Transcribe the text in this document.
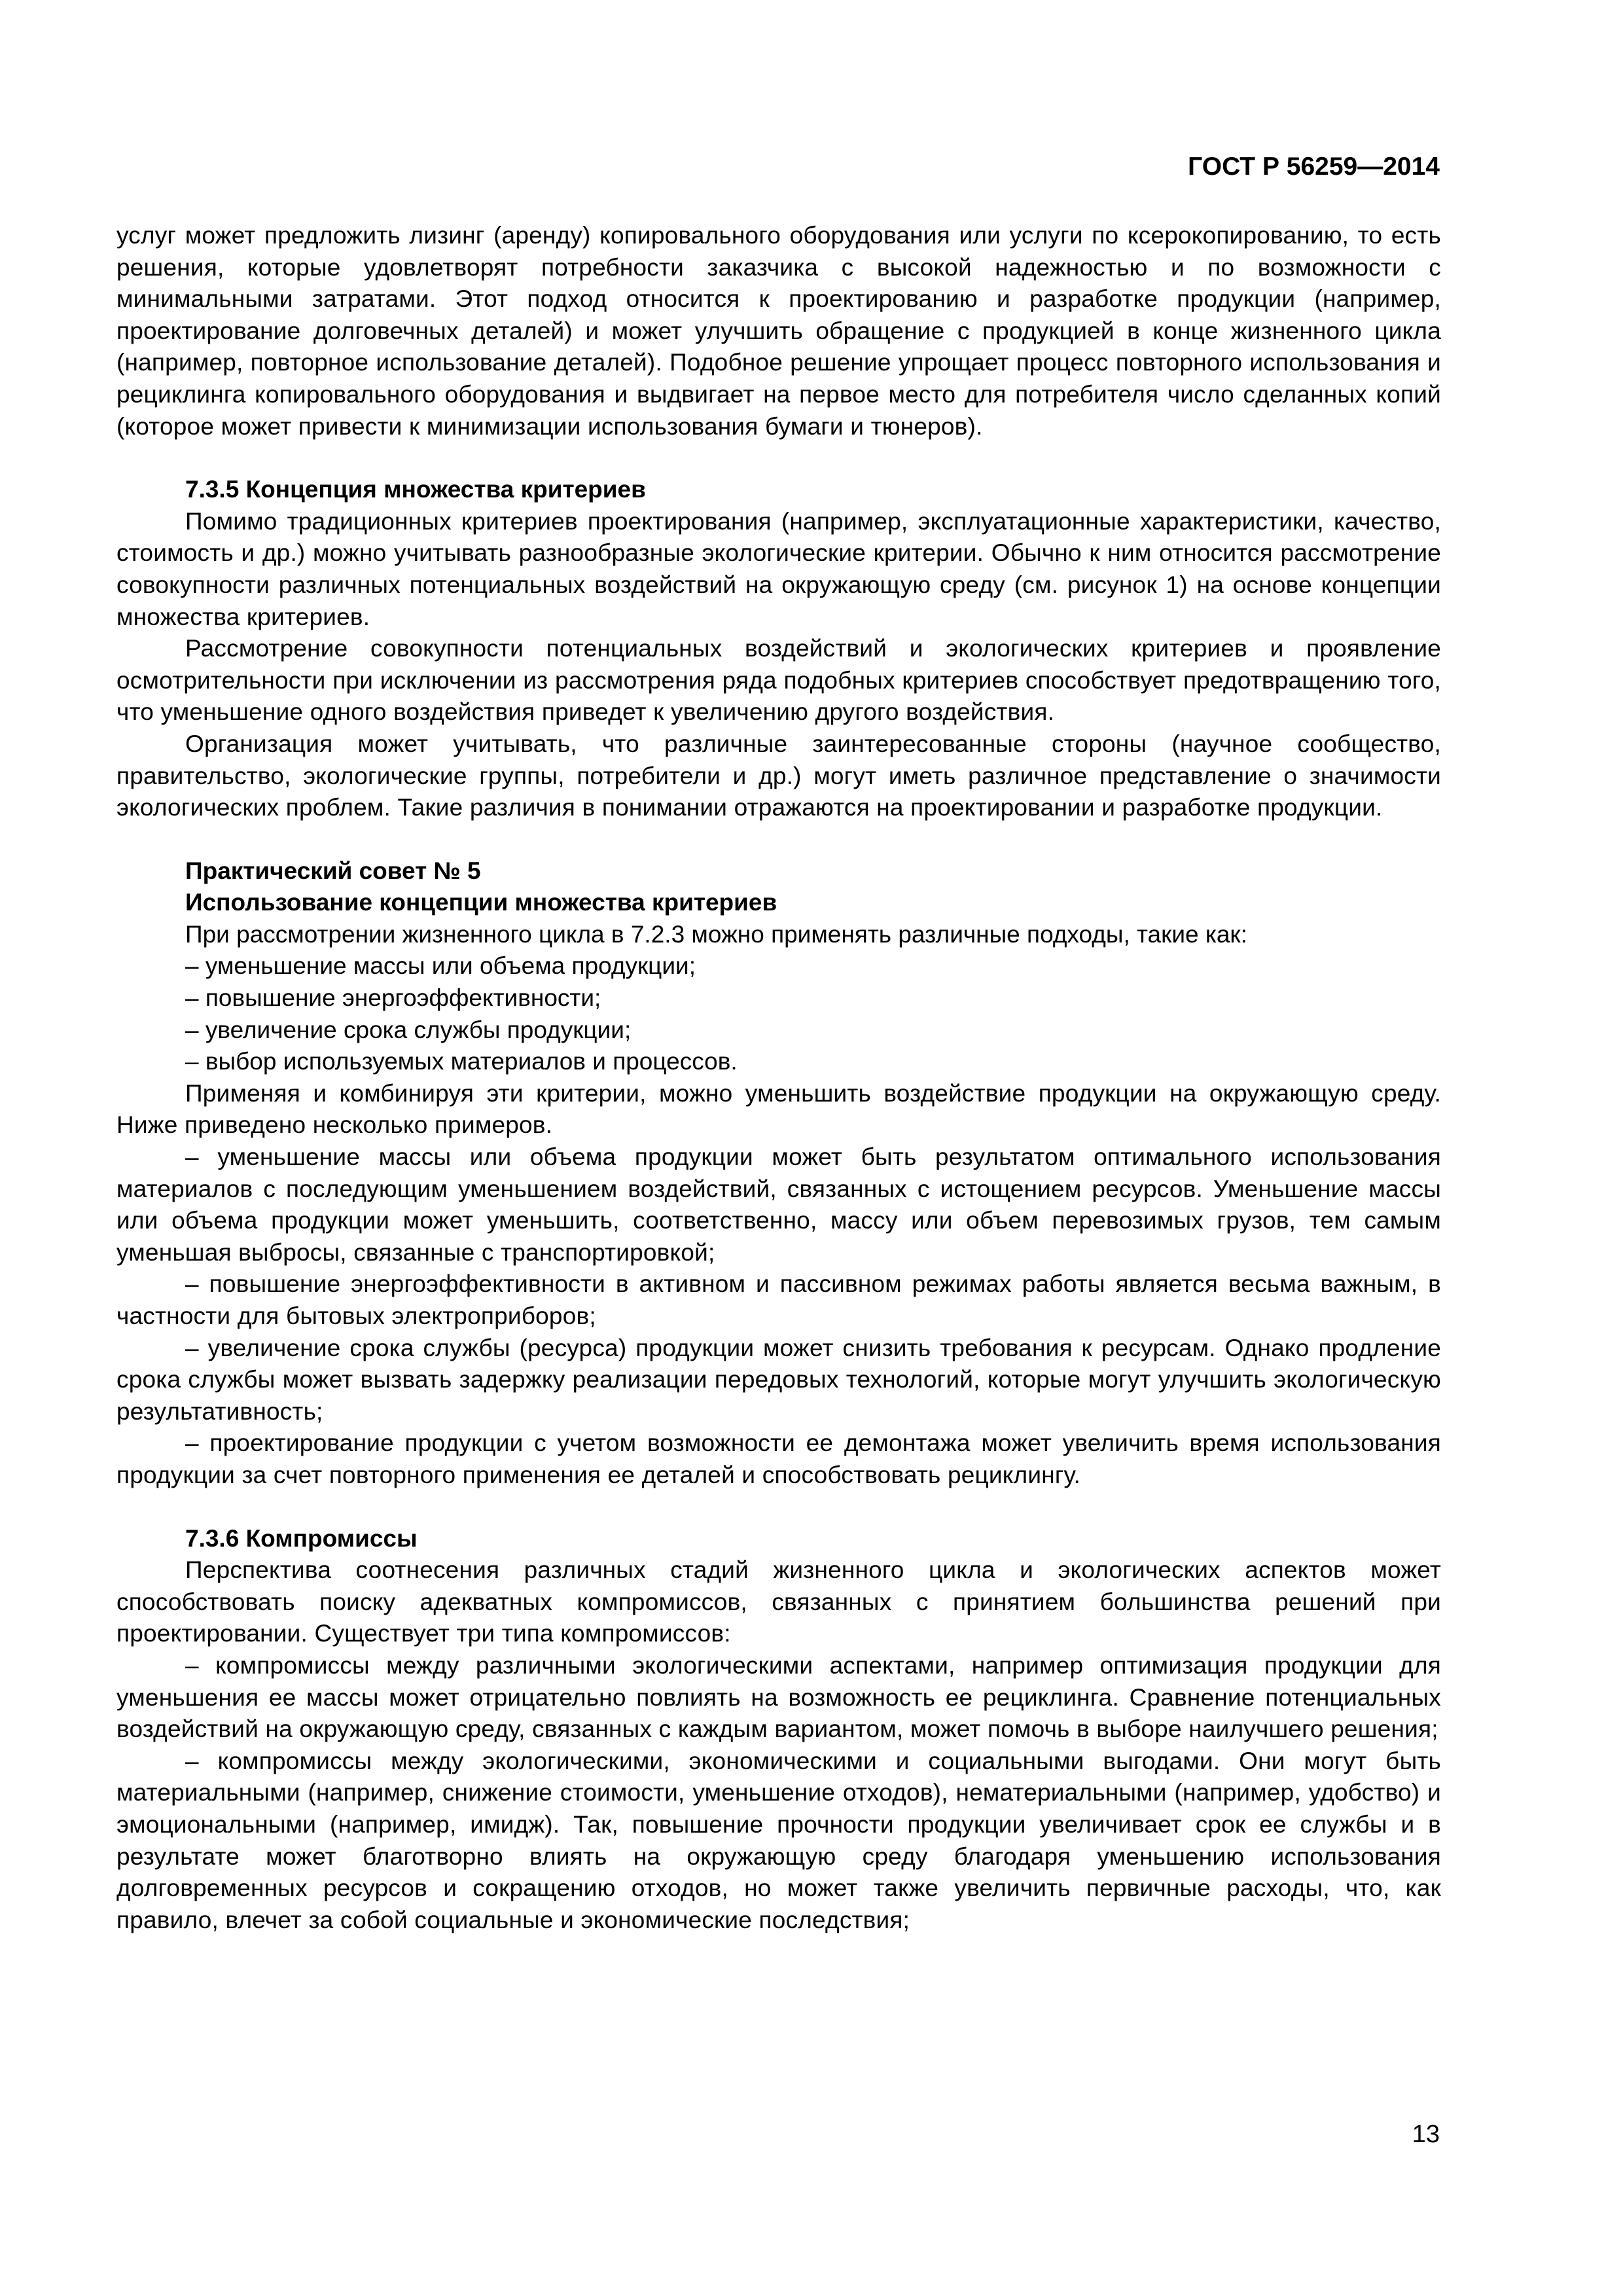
ГОСТ Р 56259—2014

услуг может предложить лизинг (аренду) копировального оборудования или услуги по ксерокопированию, то есть решения, которые удовлетворят потребности заказчика с высокой надежностью и по возможности с минимальными затратами. Этот подход относится к проектированию и разработке продукции (например, проектирование долговечных деталей) и может улучшить обращение с продукцией в конце жизненного цикла (например, повторное использование деталей). Подобное решение упрощает процесс повторного использования и рециклинга копировального оборудования и выдвигает на первое место для потребителя число сделанных копий (которое может привести к минимизации использования бумаги и тюнеров).

7.3.5 Концепция множества критериев

Помимо традиционных критериев проектирования (например, эксплуатационные характеристики, качество, стоимость и др.) можно учитывать разнообразные экологические критерии. Обычно к ним относится рассмотрение совокупности различных потенциальных воздействий на окружающую среду (см. рисунок 1) на основе концепции множества критериев.

Рассмотрение совокупности потенциальных воздействий и экологических критериев и проявление осмотрительности при исключении из рассмотрения ряда подобных критериев способствует предотвращению того, что уменьшение одного воздействия приведет к увеличению другого воздействия.

Организация может учитывать, что различные заинтересованные стороны (научное сообщество, правительство, экологические группы, потребители и др.) могут иметь различное представление о значимости экологических проблем. Такие различия в понимании отражаются на проектировании и разработке продукции.

Практический совет № 5

Использование концепции множества критериев

При рассмотрении жизненного цикла в 7.2.3 можно применять различные подходы, такие как:

– уменьшение массы или объема продукции;

– повышение энергоэффективности;

– увеличение срока службы продукции;

– выбор используемых материалов и процессов.

Применяя и комбинируя эти критерии, можно уменьшить воздействие продукции на окружающую среду. Ниже приведено несколько примеров.

– уменьшение массы или объема продукции может быть результатом оптимального использования материалов с последующим уменьшением воздействий, связанных с истощением ресурсов. Уменьшение массы или объема продукции может уменьшить, соответственно, массу или объем перевозимых грузов, тем самым уменьшая выбросы, связанные с транспортировкой;

– повышение энергоэффективности в активном и пассивном режимах работы является весьма важным, в частности для бытовых электроприборов;

– увеличение срока службы (ресурса) продукции может снизить требования к ресурсам. Однако продление срока службы может вызвать задержку реализации передовых технологий, которые могут улучшить экологическую результативность;

– проектирование продукции с учетом возможности ее демонтажа может увеличить время использования продукции за счет повторного применения ее деталей и способствовать рециклингу.

7.3.6 Компромиссы

Перспектива соотнесения различных стадий жизненного цикла и экологических аспектов может способствовать поиску адекватных компромиссов, связанных с принятием большинства решений при проектировании. Существует три типа компромиссов:

– компромиссы между различными экологическими аспектами, например оптимизация продукции для уменьшения ее массы может отрицательно повлиять на возможность ее рециклинга. Сравнение потенциальных воздействий на окружающую среду, связанных с каждым вариантом, может помочь в выборе наилучшего решения;

– компромиссы между экологическими, экономическими и социальными выгодами. Они могут быть материальными (например, снижение стоимости, уменьшение отходов), нематериальными (например, удобство) и эмоциональными (например, имидж). Так, повышение прочности продукции увеличивает срок ее службы и в результате может благотворно влиять на окружающую среду благодаря уменьшению использования долговременных ресурсов и сокращению отходов, но может также увеличить первичные расходы, что, как правило, влечет за собой социальные и экономические последствия;

13
